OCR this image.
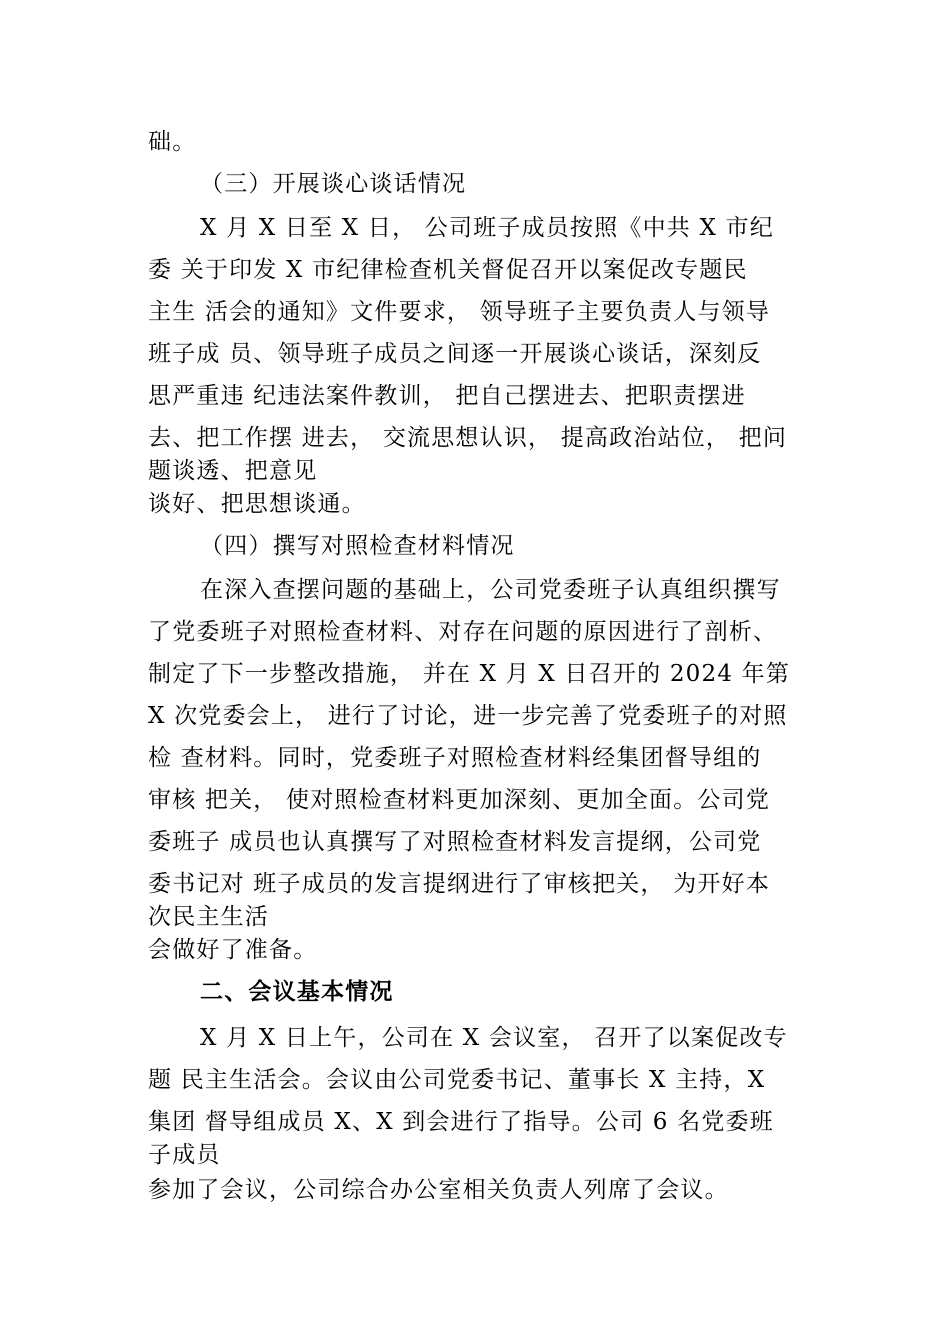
础。
（三）开展谈心谈话情况
X 月 X 日至 X 日， 公司班子成员按照《中共 X 市纪
委 关于印发 X 市纪律检查机关督促召开以案促改专题民
主生 活会的通知》文件要求， 领导班子主要负责人与领导
班子成 员、领导班子成员之间逐一开展谈心谈话，深刻反
思严重违 纪违法案件教训， 把自己摆进去、把职责摆进
去、把工作摆 进去， 交流思想认识， 提高政治站位， 把问
题谈透、把意见
谈好、把思想谈通。
（四）撰写对照检查材料情况
在深入查摆问题的基础上，公司党委班子认真组织撰写
了党委班子对照检查材料、对存在问题的原因进行了剖析、
制定了下一步整改措施， 并在 X 月 X 日召开的 2024 年第
X 次党委会上， 进行了讨论，进一步完善了党委班子的对照
检 查材料。同时，党委班子对照检查材料经集团督导组的
审核 把关， 使对照检查材料更加深刻、更加全面。公司党
委班子 成员也认真撰写了对照检查材料发言提纲，公司党
委书记对 班子成员的发言提纲进行了审核把关， 为开好本
次民主生活
会做好了准备。
二、会议基本情况
X 月 X 日上午，公司在 X 会议室， 召开了以案促改专
题 民主生活会。会议由公司党委书记、董事长 X 主持，X
集团 督导组成员 X、X 到会进行了指导。公司 6 名党委班
子成员
参加了会议，公司综合办公室相关负责人列席了会议。
